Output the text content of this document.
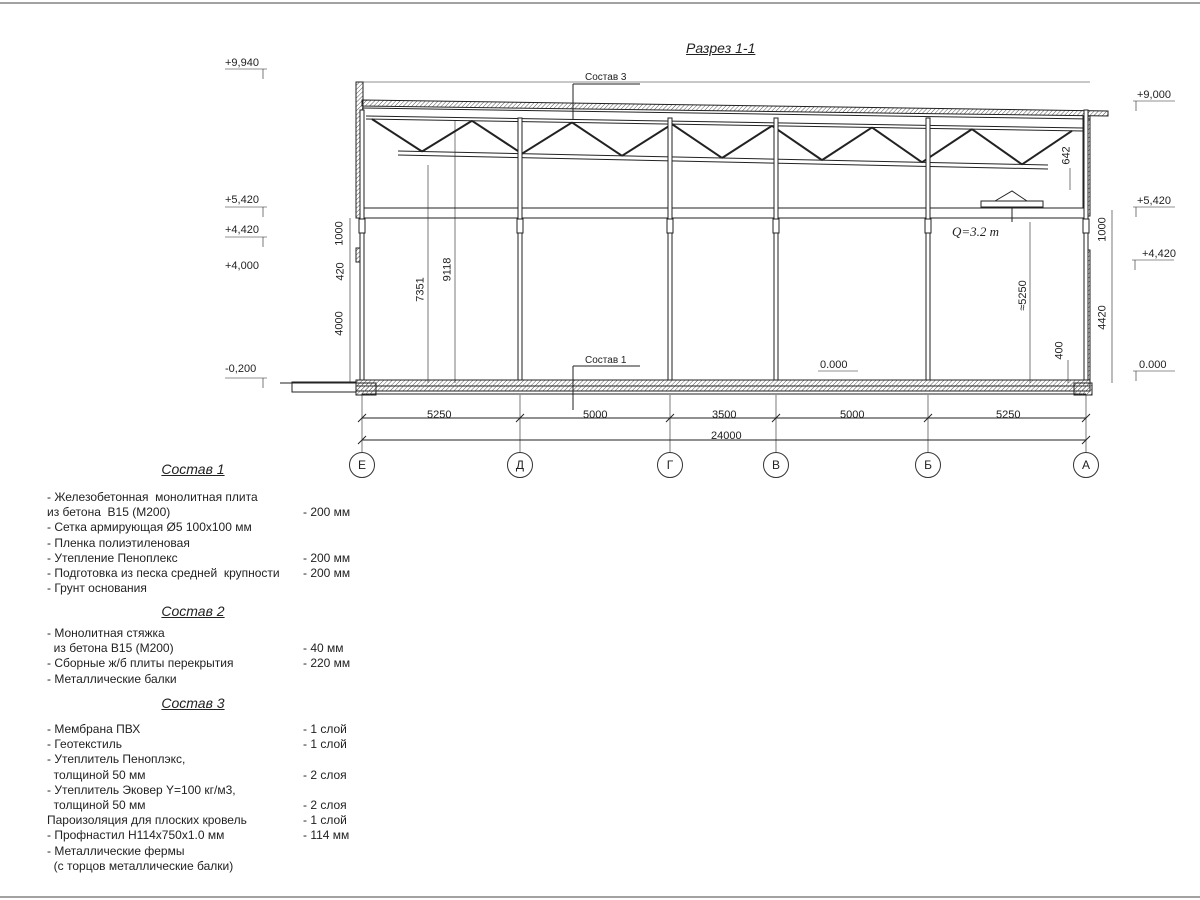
Разрез 1-1
+9,940
+5,420
+4,420
+4,000
-0,200
+9,000
+5,420
+4,420
0.000
0.000
Состав 3
Состав 1
Q=3.2 т
1000
420
4000
7351
9118
642
≈5250
400
1000
4420
5250	5000	3500	5000	5250
24000
Е	Д	Г	В	Б	А
Состав 1
- Железобетонная  монолитная плита
из бетона  В15 (М200)	- 200 мм
- Сетка армирующая Ø5 100х100 мм
- Пленка полиэтиленовая
- Утепление Пеноплекс	- 200 мм
- Подготовка из песка средней  крупности - 200 мм
- Грунт основания
Состав 2
- Монолитная стяжка
из бетона В15 (М200)	- 40 мм
- Сборные ж/б плиты перекрытия	- 220 мм
- Металлические балки
Состав 3
- Мембрана ПВХ	- 1 слой
- Геотекстиль	- 1 слой
- Утеплитель Пеноплэкс,
толщиной 50 мм	- 2 слоя
- Утеплитель Эковер Y=100 кг/м3,
толщиной 50 мм	- 2 слоя
Пароизоляция для плоских кровель	- 1 слой
- Профнастил Н114х750х1.0 мм	- 114 мм
- Металлические фермы
(с торцов металлические балки)
